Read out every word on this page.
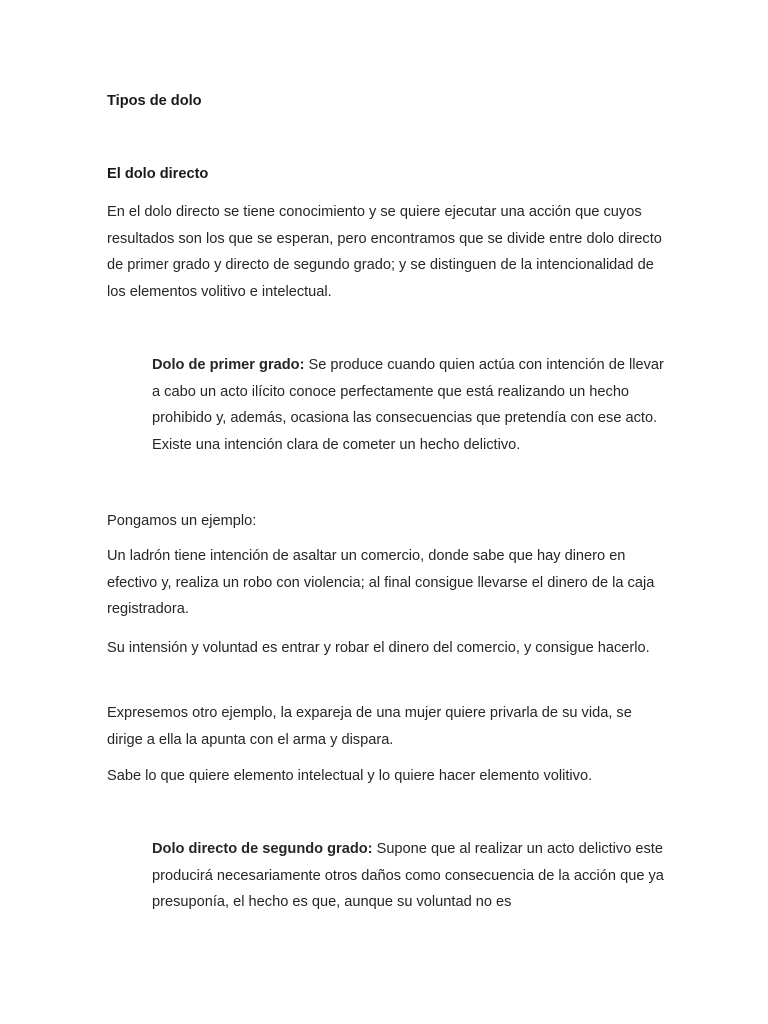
Tipos de dolo

El dolo directo

En el dolo directo se tiene conocimiento y se quiere ejecutar una acción que cuyos resultados son los que se esperan, pero encontramos que se divide entre dolo directo de primer grado y directo de segundo grado; y se distinguen de la intencionalidad de los elementos volitivo e intelectual.

Dolo de primer grado: Se produce cuando quien actúa con intención de llevar a cabo un acto ilícito conoce perfectamente que está realizando un hecho prohibido y, además, ocasiona las consecuencias que pretendía con ese acto. Existe una intención clara de cometer un hecho delictivo.

Pongamos un ejemplo:

Un ladrón tiene intención de asaltar un comercio, donde sabe que hay dinero en efectivo y, realiza un robo con violencia; al final consigue llevarse el dinero de la caja registradora.

Su intensión y voluntad es entrar y robar el dinero del comercio, y consigue hacerlo.

Expresemos otro ejemplo, la expareja de una mujer quiere privarla de su vida, se dirige a ella la apunta con el arma y dispara.

Sabe lo que quiere elemento intelectual y lo quiere hacer elemento volitivo.

Dolo directo de segundo grado: Supone que al realizar un acto delictivo este producirá necesariamente otros daños como consecuencia de la acción que ya presuponía, el hecho es que, aunque su voluntad no es
